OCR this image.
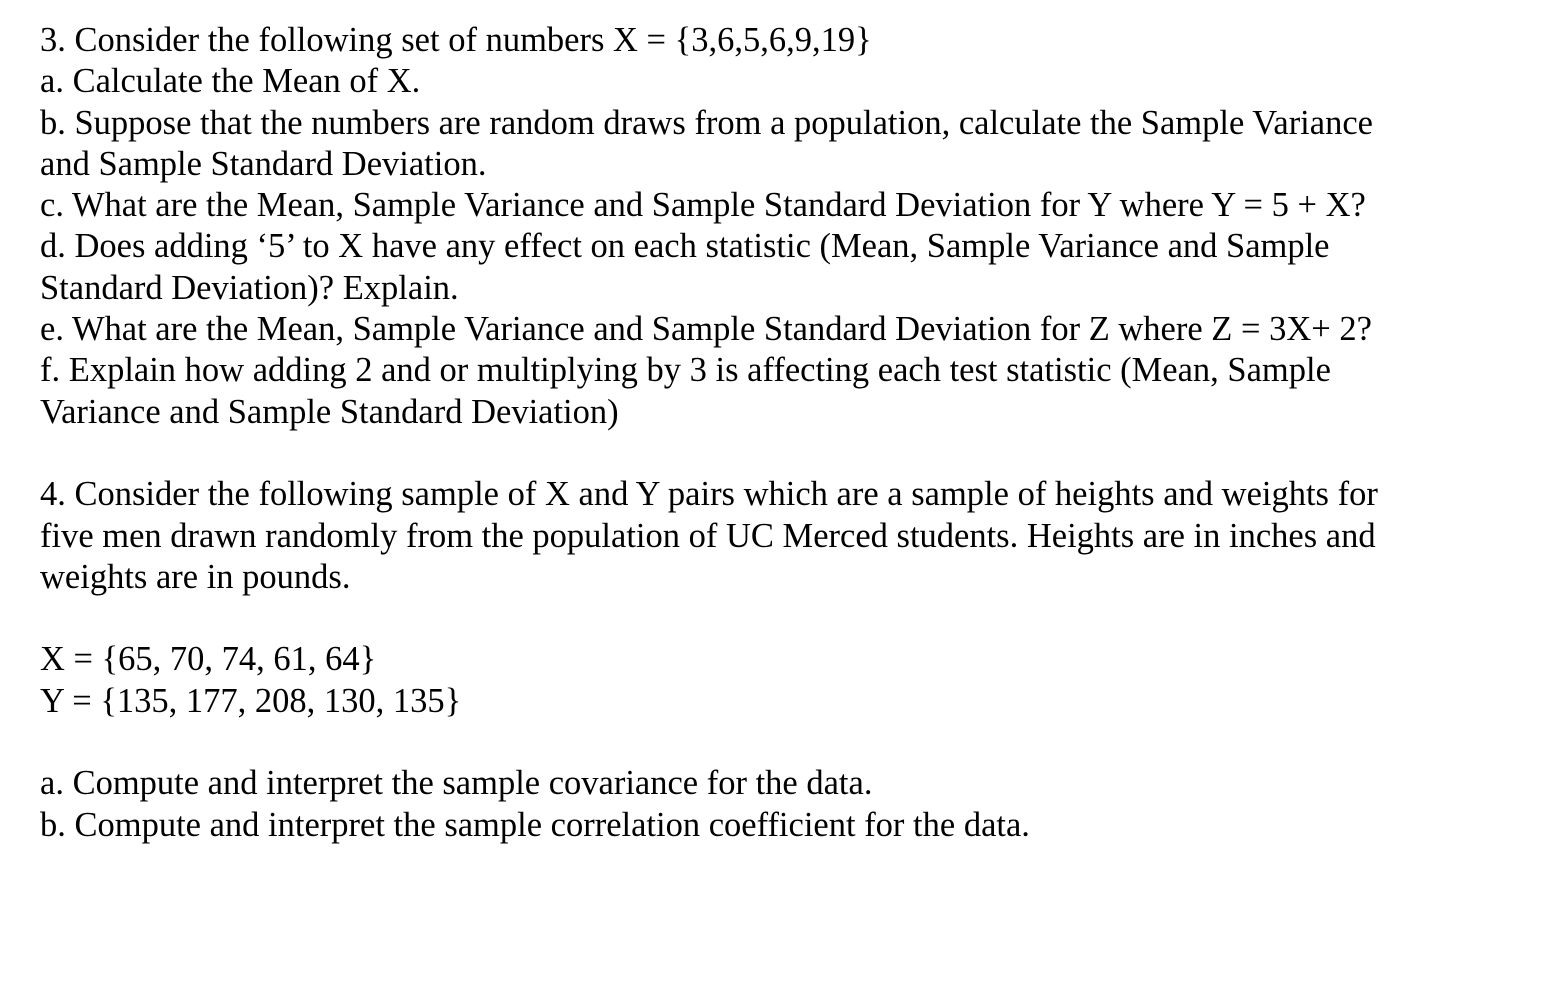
3. Consider the following set of numbers X = {3,6,5,6,9,19}
a. Calculate the Mean of X.
b. Suppose that the numbers are random draws from a population, calculate the Sample Variance
and Sample Standard Deviation.
c. What are the Mean, Sample Variance and Sample Standard Deviation for Y where Y = 5 + X?
d. Does adding ‘5’ to X have any effect on each statistic (Mean, Sample Variance and Sample
Standard Deviation)? Explain.
e. What are the Mean, Sample Variance and Sample Standard Deviation for Z where Z = 3X+ 2?
f. Explain how adding 2 and or multiplying by 3 is affecting each test statistic (Mean, Sample
Variance and Sample Standard Deviation)
4. Consider the following sample of X and Y pairs which are a sample of heights and weights for
five men drawn randomly from the population of UC Merced students. Heights are in inches and
weights are in pounds.
X = {65, 70, 74, 61, 64}
Y = {135, 177, 208, 130, 135}
a. Compute and interpret the sample covariance for the data.
b. Compute and interpret the sample correlation coefficient for the data.
